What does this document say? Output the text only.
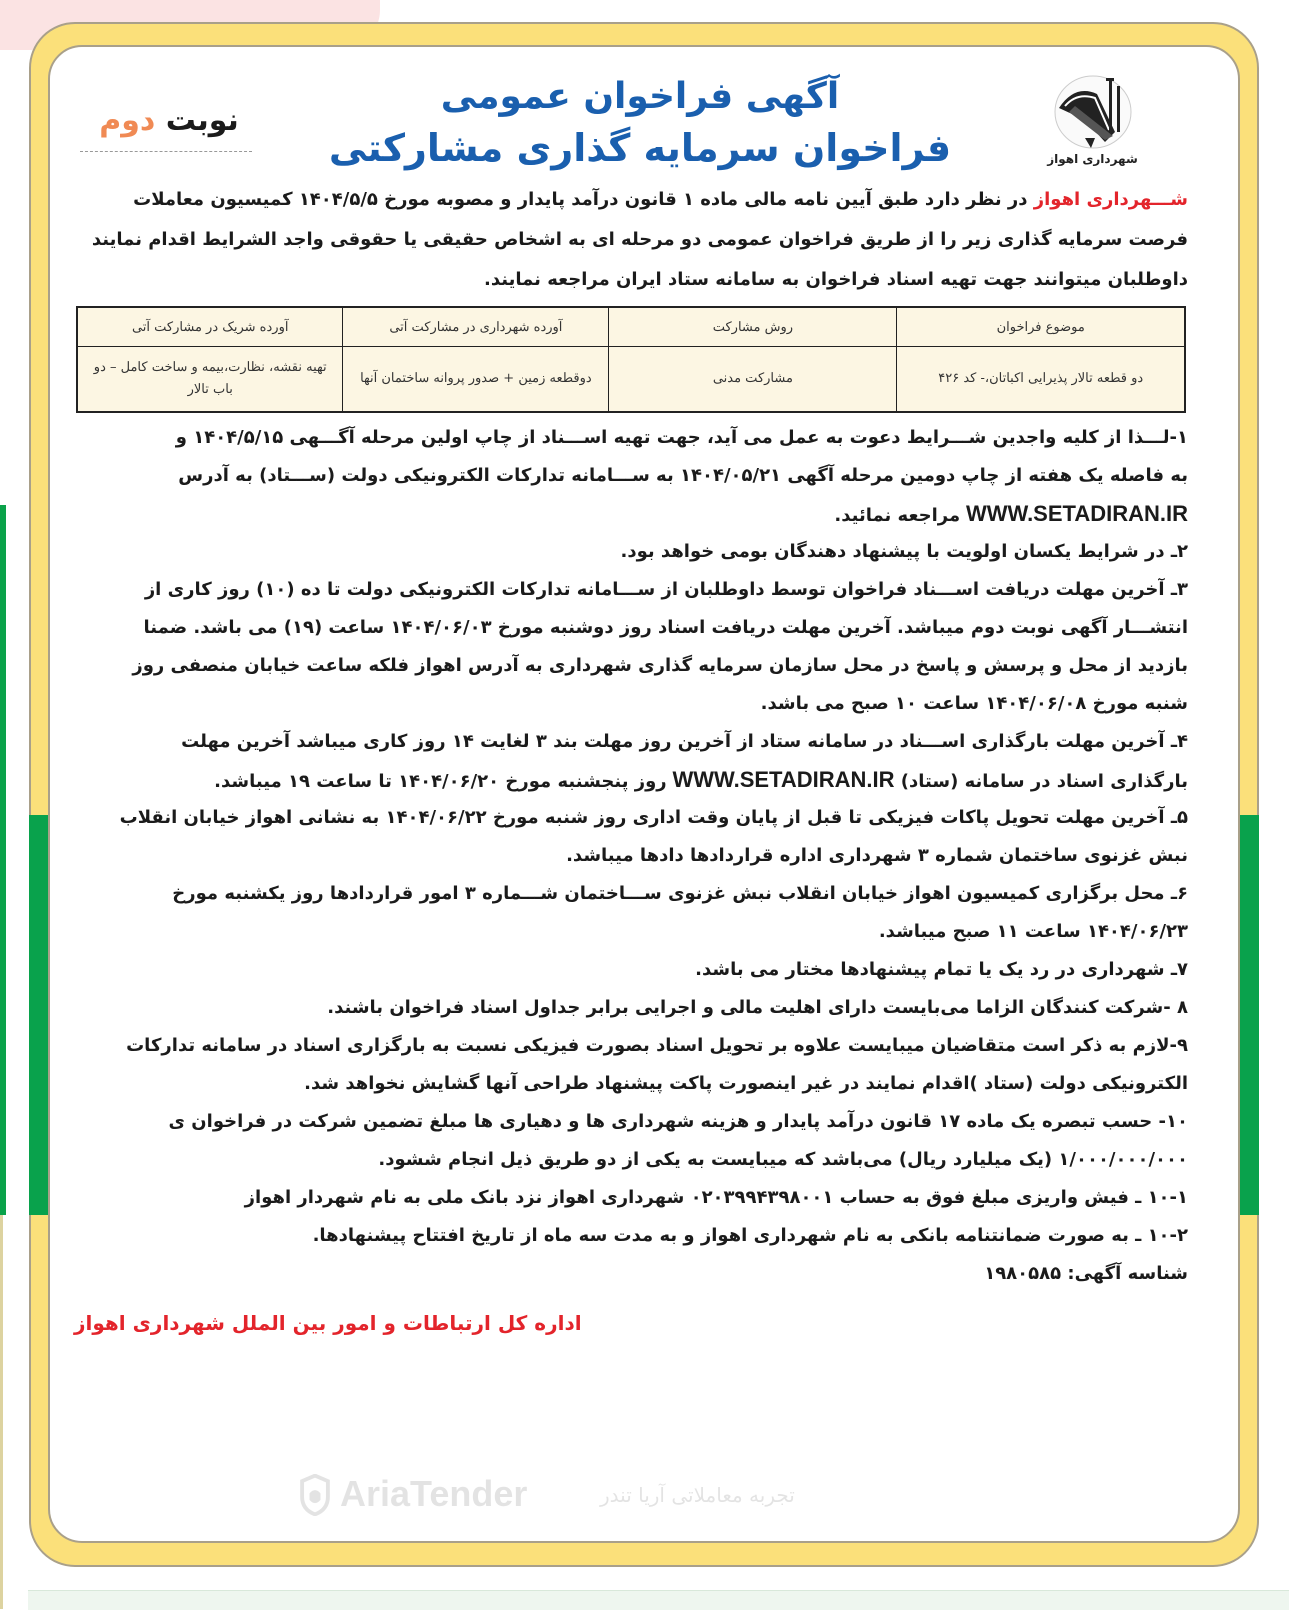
شهرداری اهواز
آگهی فراخوان عمومی
فراخوان سرمایه گذاری مشارکتی
نوبت دوم
شـــهرداری اهواز در نظر دارد طبق آیین نامه مالی ماده ۱ قانون درآمد پایدار و مصوبه مورخ ۱۴۰۴/۵/۵ کمیسیون معاملات
فرصت سرمایه گذاری زیر را از طریق فراخوان عمومی دو مرحله ای به اشخاص حقیقی یا حقوقی واجد الشرایط اقدام نمایند
داوطلبان میتوانند جهت تهیه اسناد فراخوان به سامانه ستاد ایران مراجعه نمایند.
موضوع فراخوان	روش مشارکت	آورده شهرداری در مشارکت آتی	آورده شریک در مشارکت آتی
دو قطعه تالار پذیرایی اکباتان،- کد ۴۲۶	مشارکت مدنی	دوقطعه زمین + صدور پروانه ساختمان آنها	تهیه نقشه، نظارت،بیمه و ساخت کامل – دو باب تالار
۱-لـــذا از کلیه واجدین شـــرایط دعوت به عمل می آید، جهت تهیه اســـناد از چاپ اولین مرحله آگـــهی ۱۴۰۴/۵/۱۵ و
به فاصله یک هفته از چاپ دومین مرحله آگهی ۱۴۰۴/۰۵/۲۱ به ســـامانه تدارکات الکترونیکی دولت (ســـتاد) به آدرس
WWW.SETADIRAN.IR مراجعه نمائید.
۲ـ در شرایط یکسان اولویت با پیشنهاد دهندگان بومی خواهد بود.
۳ـ آخرین مهلت دریافت اســـناد فراخوان توسط داوطلبان از ســـامانه تدارکات الکترونیکی دولت تا ده (۱۰) روز کاری از
انتشـــار آگهی نوبت دوم میباشد. آخرین مهلت دریافت اسناد روز دوشنبه مورخ ۱۴۰۴/۰۶/۰۳ ساعت (۱۹) می باشد. ضمنا
بازدید از محل و پرسش و پاسخ در محل سازمان سرمایه گذاری شهرداری به آدرس اهواز فلکه ساعت خیابان منصفی روز
شنبه مورخ ۱۴۰۴/۰۶/۰۸ ساعت ۱۰ صبح می باشد.
۴ـ آخرین مهلت بارگذاری اســـناد در سامانه ستاد از آخرین روز مهلت بند ۳ لغایت ۱۴ روز کاری میباشد آخرین مهلت
بارگذاری اسناد در سامانه (ستاد) WWW.SETADIRAN.IR روز پنجشنبه مورخ ۱۴۰۴/۰۶/۲۰ تا ساعت ۱۹ میباشد.
۵ـ آخرین مهلت تحویل پاکات فیزیکی تا قبل از پایان وقت اداری روز شنبه مورخ ۱۴۰۴/۰۶/۲۲ به نشانی اهواز خیابان انقلاب
نبش غزنوی ساختمان شماره ۳ شهرداری اداره قراردادها دادها میباشد.
۶ـ محل برگزاری کمیسیون اهواز خیابان انقلاب نبش غزنوی ســـاختمان شـــماره ۳ امور قراردادها روز یکشنبه مورخ
۱۴۰۴/۰۶/۲۳ ساعت ۱۱ صبح میباشد.
۷ـ شهرداری در رد یک یا تمام پیشنهادها مختار می باشد.
۸ -شرکت کنندگان الزاما می‌بایست دارای اهلیت مالی و اجرایی برابر جداول اسناد فراخوان باشند.
۹-لازم به ذکر است متقاضیان میبایست علاوه بر تحویل اسناد بصورت فیزیکی نسبت به بارگزاری اسناد در سامانه تدارکات
الکترونیکی دولت (ستاد )اقدام نمایند در غیر اینصورت پاکت پیشنهاد طراحی آنها گشایش نخواهد شد.
۱۰- حسب تبصره یک ماده ۱۷ قانون درآمد پایدار و هزینه شهرداری ها و دهیاری ها مبلغ تضمین شرکت در فراخوان ی
۱/۰۰۰/۰۰۰/۰۰۰ (یک میلیارد ریال) می‌باشد که میبایست به یکی از دو طریق ذیل انجام ششود.
۱۰-۱ ـ فیش واریزی مبلغ فوق به حساب ۰۲۰۳۹۹۴۳۹۸۰۰۱ شهرداری اهواز نزد بانک ملی به نام شهردار اهواز
۱۰-۲ ـ به صورت ضمانتنامه بانکی به نام شهرداری اهواز و به مدت سه ماه از تاریخ افتتاح پیشنهادها.
شناسه آگهی: ۱۹۸۰۵۸۵
اداره کل ارتباطات و امور بین الملل شهرداری اهواز
